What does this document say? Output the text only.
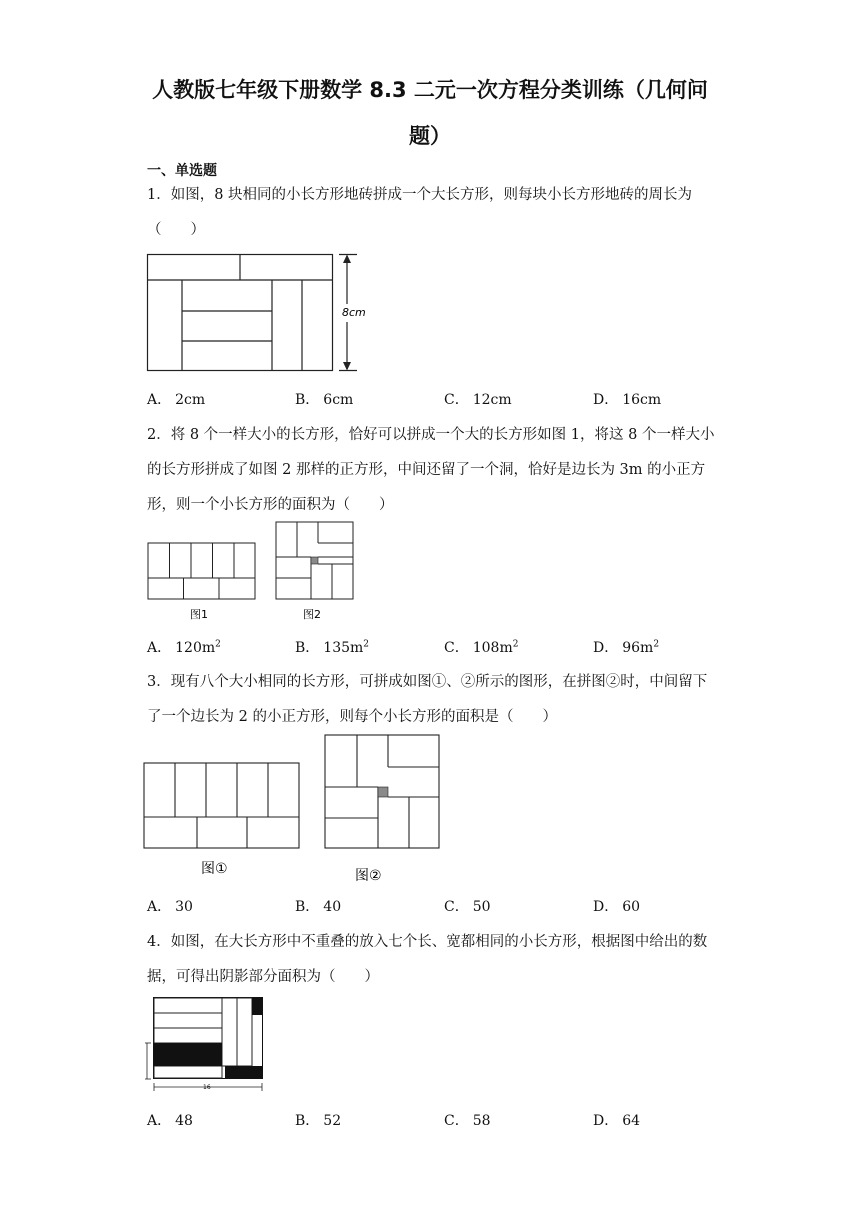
人教版七年级下册数学 8.3 二元一次方程分类训练（几何问
题）
一、单选题
1．如图，8 块相同的小长方形地砖拼成一个大长方形，则每块小长方形地砖的周长为（　　）
8cm
A． 2cm	B． 6cm	C． 12cm	D． 16cm
2．将 8 个一样大小的长方形，恰好可以拼成一个大的长方形如图 1，将这 8 个一样大小的长方形拼成了如图 2 那样的正方形，中间还留了一个洞，恰好是边长为 3m 的小正方形，则一个小长方形的面积为（　　）
图1	图2
A． $120m^2$	B． $135m^2$	C． $108m^2$	D． $96m^2$
3．现有八个大小相同的长方形，可拼成如图①、②所示的图形，在拼图②时，中间留下了一个边长为 2 的小正方形，则每个小长方形的面积是（　　）
图①	图②
A． 30	B． 40	C． 50	D． 60
4．如图，在大长方形中不重叠的放入七个长、宽都相同的小长方形，根据图中给出的数据，可得出阴影部分面积为（　　）
6
16
A． 48	B． 52	C． 58	D． 64
